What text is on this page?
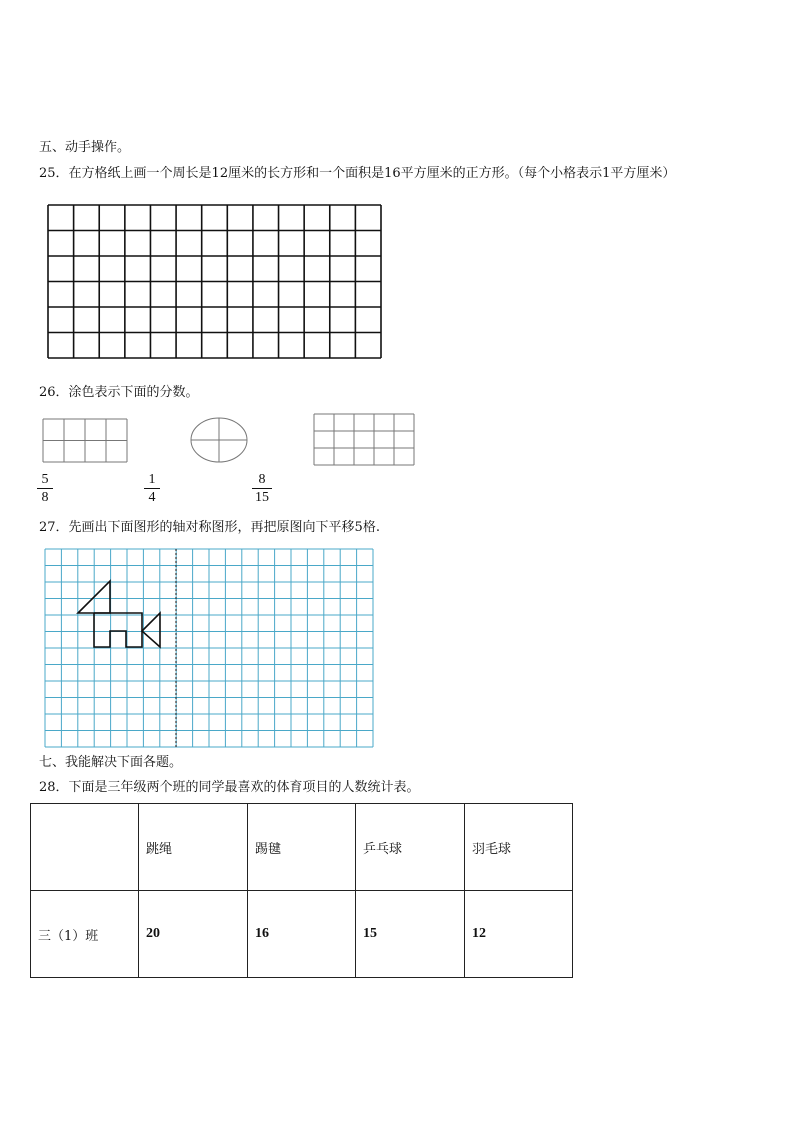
五、动手操作。
25．在方格纸上画一个周长是12厘米的长方形和一个面积是16平方厘米的正方形。（每个小格表示1平方厘米）
26．涂色表示下面的分数。
5
8
1
4
8
15
27．先画出下面图形的轴对称图形，再把原图向下平移5格.
七、我能解决下面各题。
28．下面是三年级两个班的同学最喜欢的体育项目的人数统计表。
	跳绳	踢毽	乒乓球	羽毛球
三（1）班	20	16	15	12
